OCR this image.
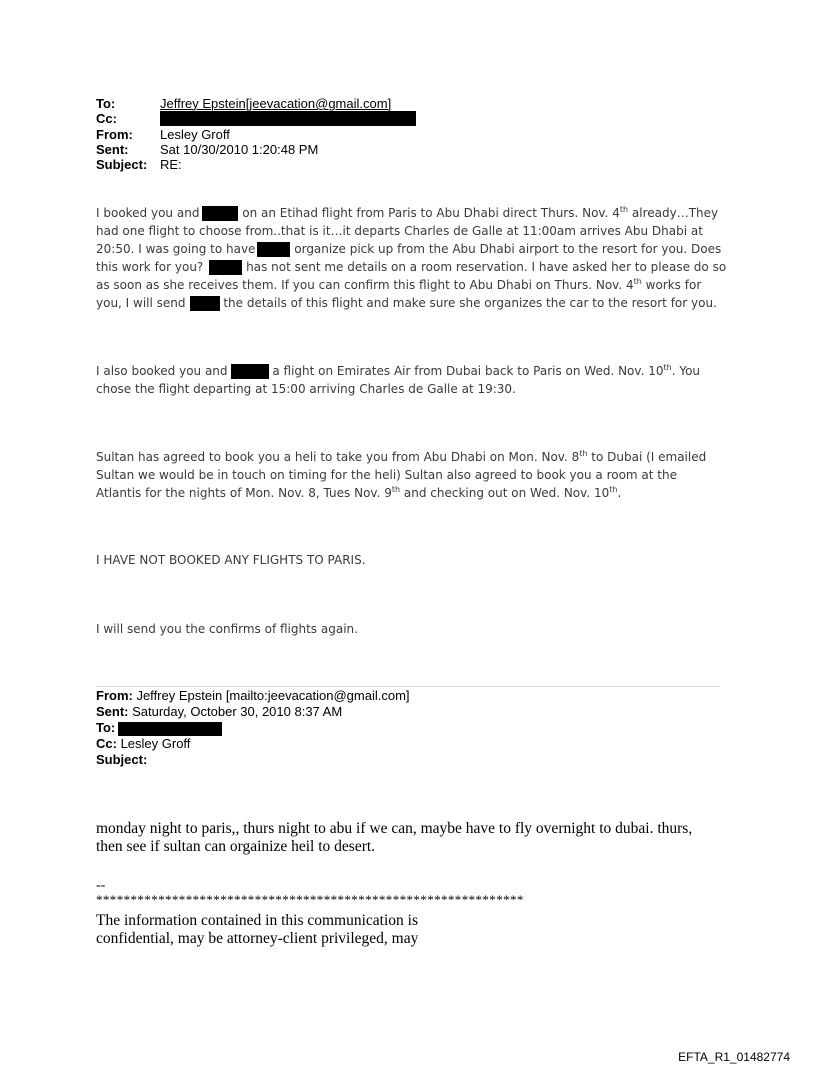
To:	Jeffrey Epstein[jeevacation@gmail.com]
Cc:
From: Lesley Groff
Sent: Sat 10/30/2010 1:20:48 PM
Subject: RE:
I booked you and	on an Etihad flight from Paris to Abu Dhabi direct Thurs. Nov. 4th already…They
had one flight to choose from..that is it…it departs Charles de Galle at 11:00am arrives Abu Dhabi at
20:50. I was going to have	organize pick up from the Abu Dhabi airport to the resort for you. Does
this work for you?	has not sent me details on a room reservation. I have asked her to please do so
as soon as she receives them. If you can confirm this flight to Abu Dhabi on Thurs. Nov. 4th works for
you, I will send	the details of this flight and make sure she organizes the car to the resort for you.
I also booked you and	a flight on Emirates Air from Dubai back to Paris on Wed. Nov. 10th. You
chose the flight departing at 15:00 arriving Charles de Galle at 19:30.
Sultan has agreed to book you a heli to take you from Abu Dhabi on Mon. Nov. 8th to Dubai (I emailed
Sultan we would be in touch on timing for the heli) Sultan also agreed to book you a room at the
Atlantis for the nights of Mon. Nov. 8, Tues Nov. 9th and checking out on Wed. Nov. 10th.
I HAVE NOT BOOKED ANY FLIGHTS TO PARIS.
I will send you the confirms of flights again.
From: Jeffrey Epstein [mailto:jeevacation@gmail.com]
Sent: Saturday, October 30, 2010 8:37 AM
To:
Cc: Lesley Groff
Subject:
monday night to paris,, thurs night to abu if we can, maybe have to fly overnight to dubai. thurs,
then see if sultan can orgainize heil to desert.
--
**************************************************************
The information contained in this communication is
confidential, may be attorney-client privileged, may
EFTA_R1_01482774
